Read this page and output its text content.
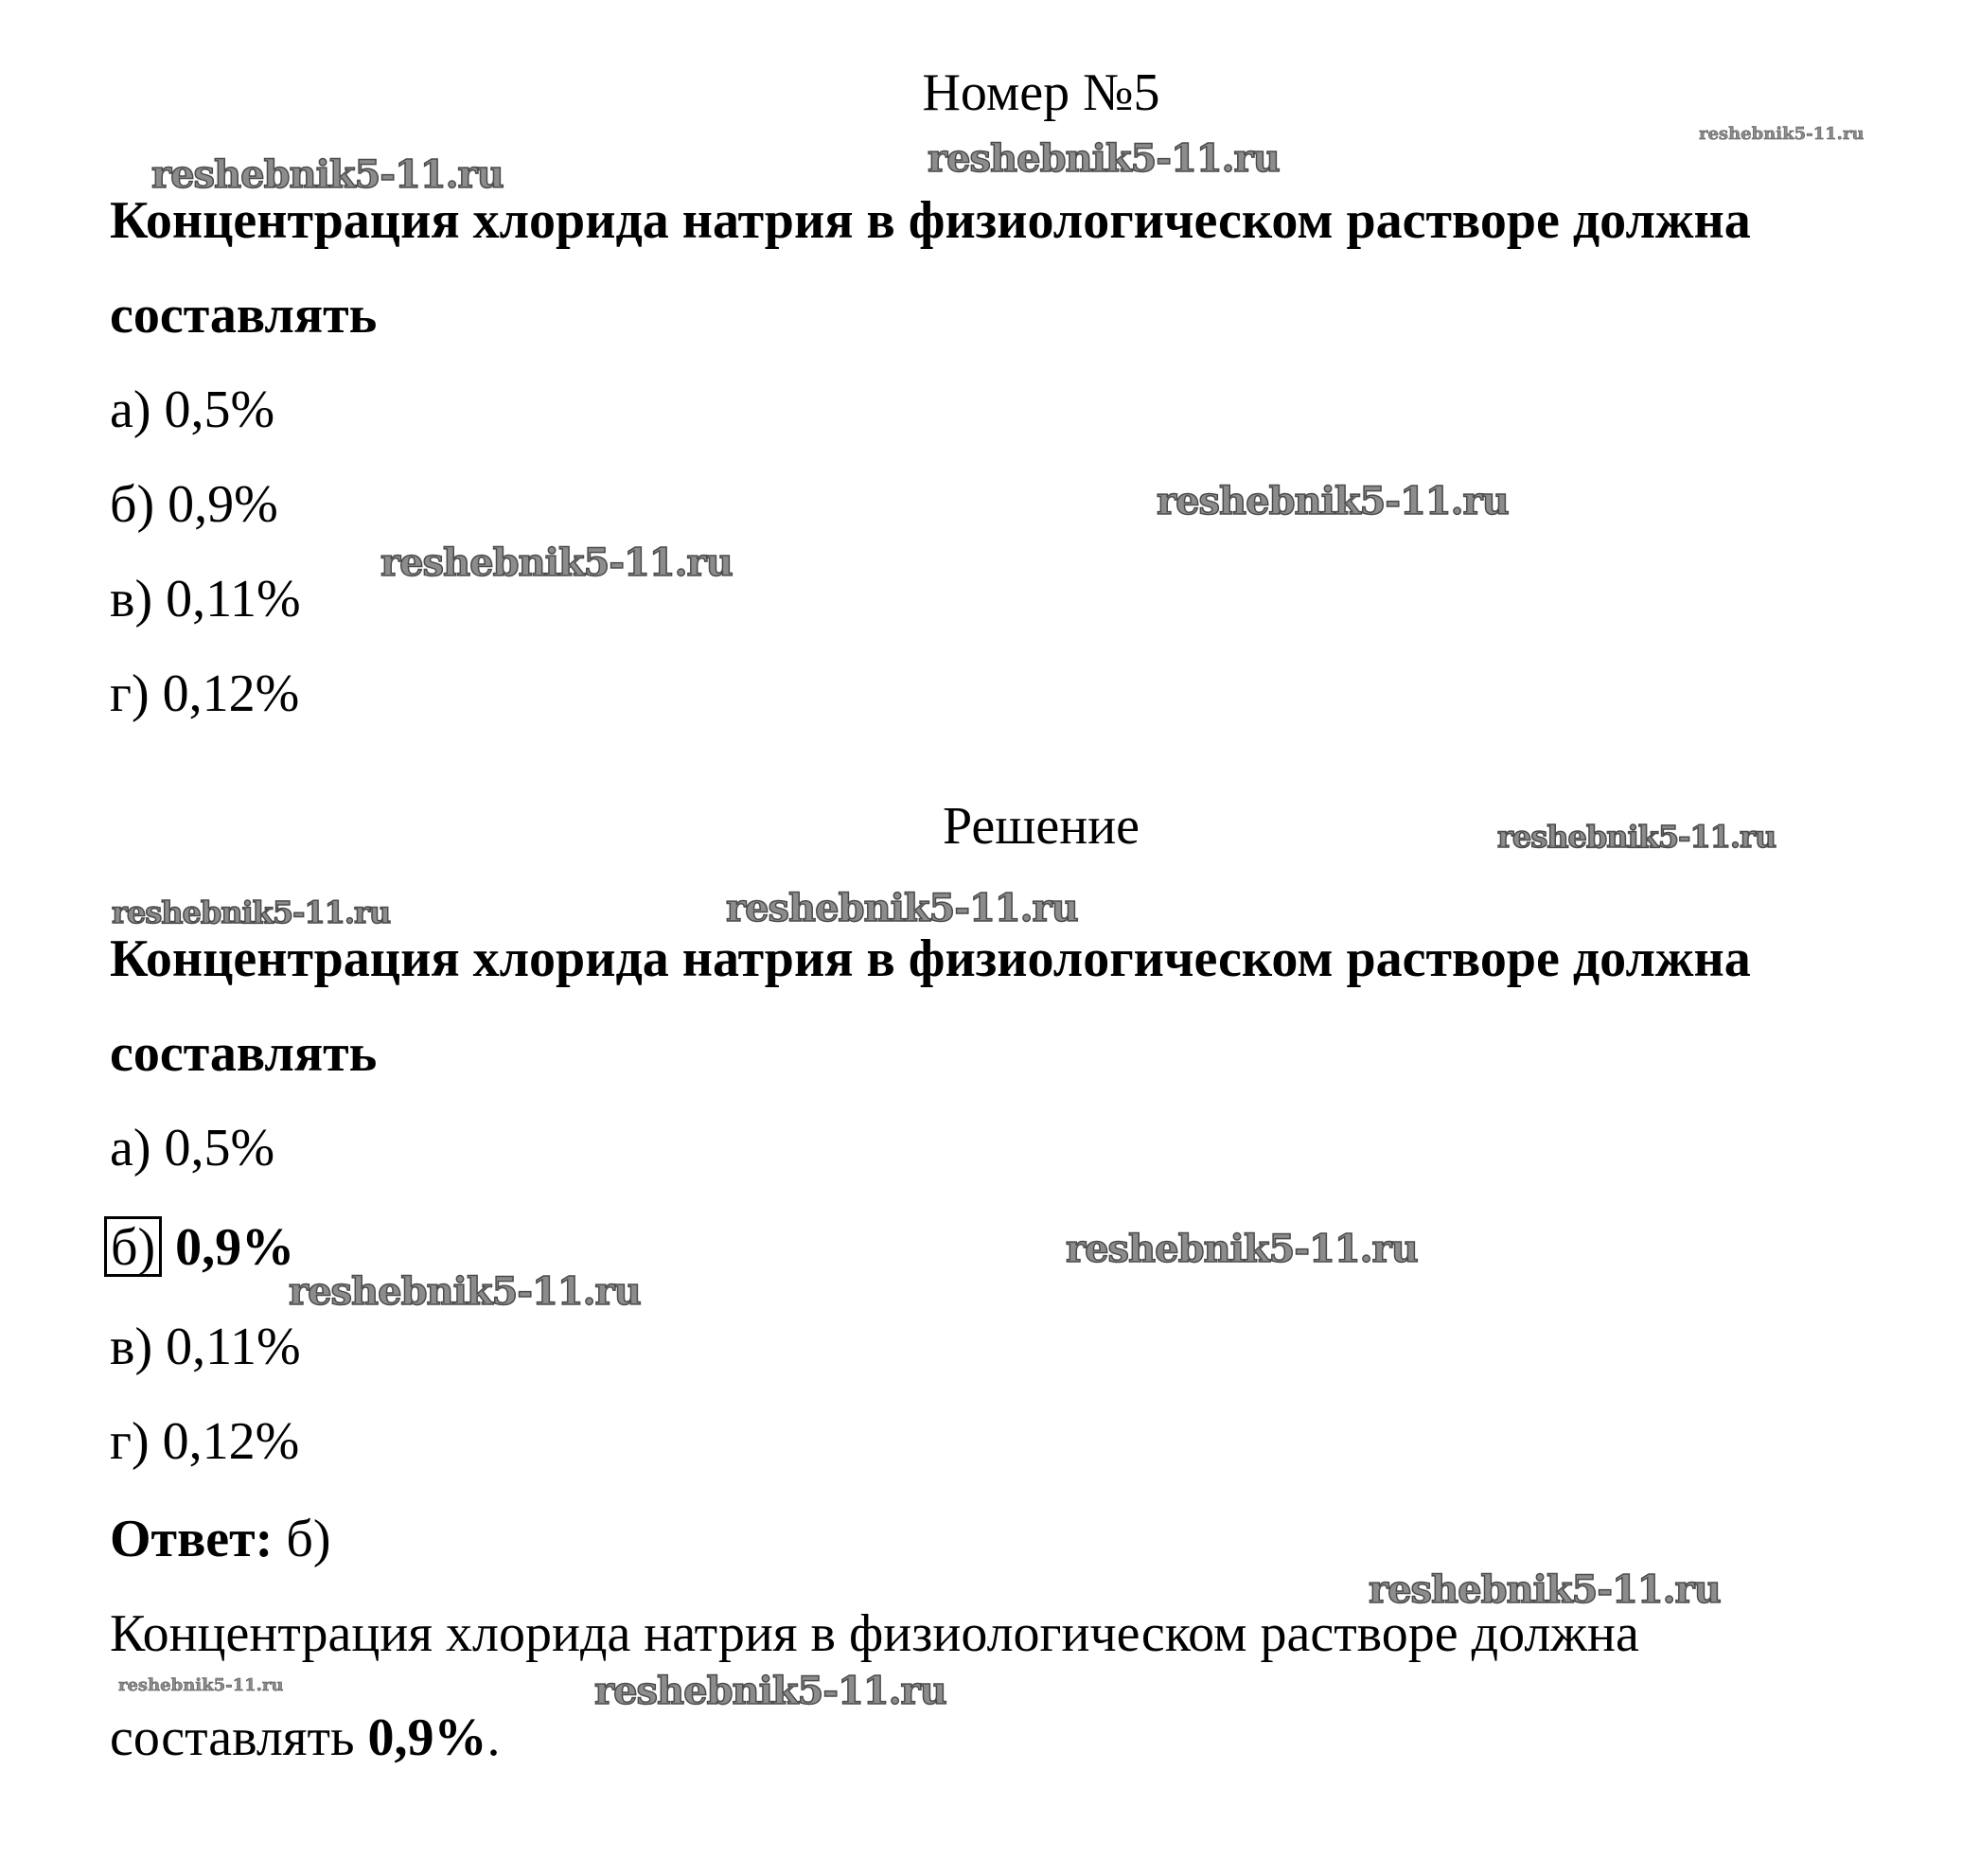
Номер №5
Концентрация хлорида натрия в физиологическом растворе должна
составлять
а) 0,5%
б) 0,9%
в) 0,11%
г) 0,12%
Решение
Концентрация хлорида натрия в физиологическом растворе должна
составлять
а) 0,5%
б) 0,9%
в) 0,11%
г) 0,12%
Ответ: б)
Концентрация хлорида натрия в физиологическом растворе должна
составлять 0,9%.
reshebnik5-11.ru	reshebnik5-11.ru
reshebnik5-11.ru
reshebnik5-11.ru
reshebnik5-11.ru
reshebnik5-11.ru
reshebnik5-11.ru	reshebnik5-11.ru
reshebnik5-11.ru
reshebnik5-11.ru
reshebnik5-11.ru
reshebnik5-11.ru	reshebnik5-11.ru
